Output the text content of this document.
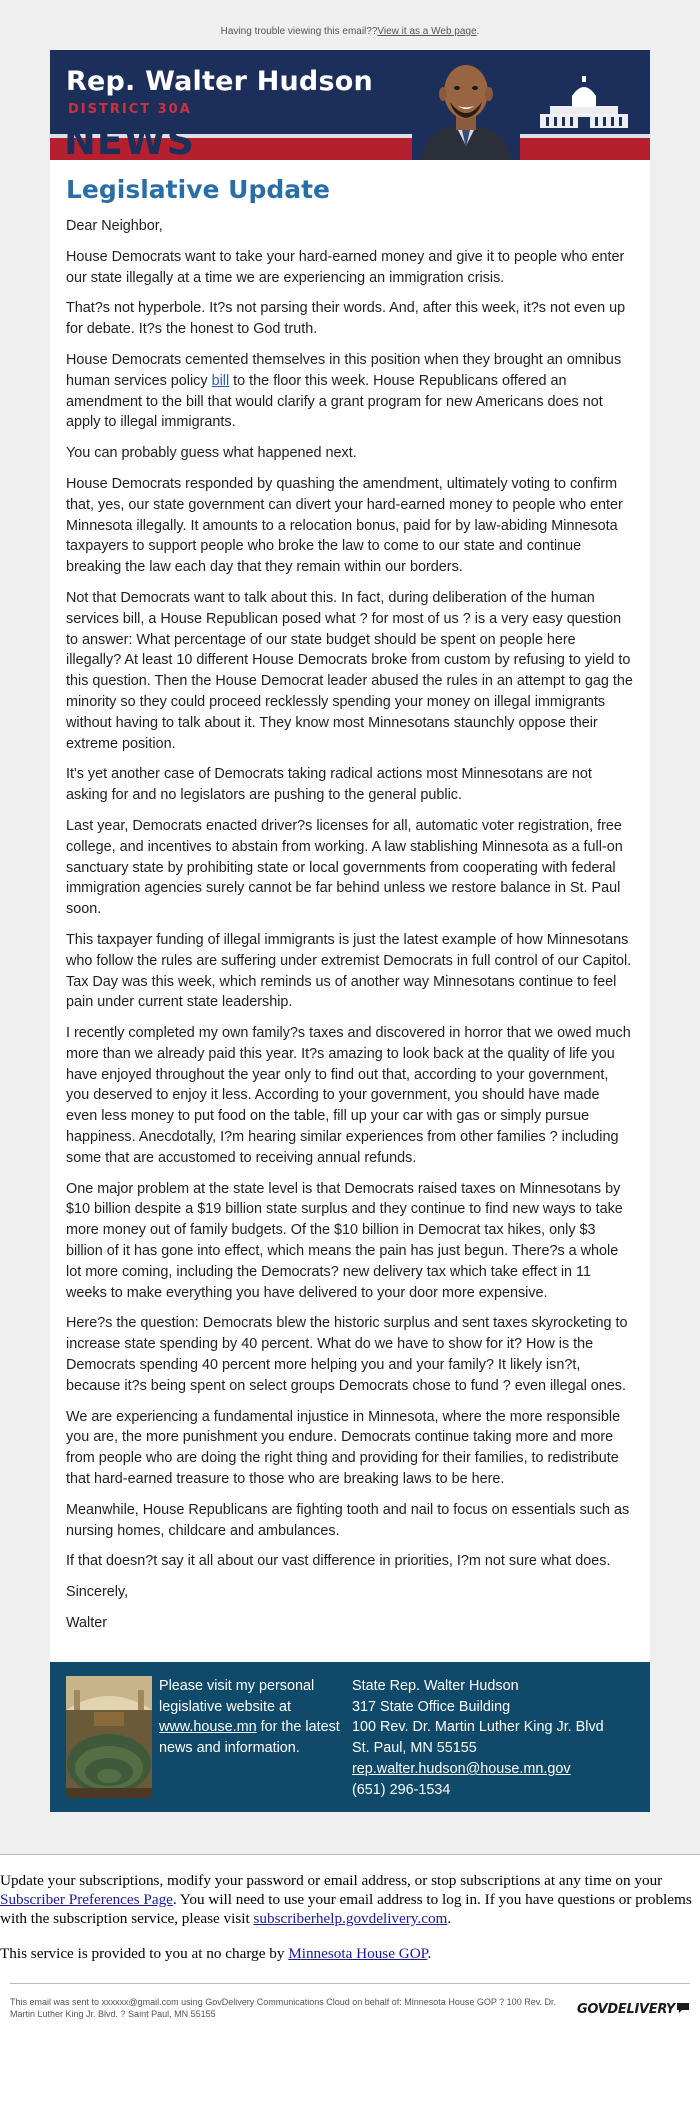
Having trouble viewing this email??View it as a Web page.
Rep. Walter Hudson
DISTRICT 30A
NEWS
Legislative Update

Dear Neighbor,

House Democrats want to take your hard-earned money and give it to people who enter our state illegally at a time we are experiencing an immigration crisis.

That?s not hyperbole. It?s not parsing their words. And, after this week, it?s not even up for debate. It?s the honest to God truth.

House Democrats cemented themselves in this position when they brought an omnibus human services policy bill to the floor this week. House Republicans offered an amendment to the bill that would clarify a grant program for new Americans does not apply to illegal immigrants.

You can probably guess what happened next.

House Democrats responded by quashing the amendment, ultimately voting to confirm that, yes, our state government can divert your hard-earned money to people who enter Minnesota illegally. It amounts to a relocation bonus, paid for by law-abiding Minnesota taxpayers to support people who broke the law to come to our state and continue breaking the law each day that they remain within our borders.

Not that Democrats want to talk about this. In fact, during deliberation of the human services bill, a House Republican posed what ? for most of us ? is a very easy question to answer: What percentage of our state budget should be spent on people here illegally? At least 10 different House Democrats broke from custom by refusing to yield to this question. Then the House Democrat leader abused the rules in an attempt to gag the minority so they could proceed recklessly spending your money on illegal immigrants without having to talk about it. They know most Minnesotans staunchly oppose their extreme position.

It's yet another case of Democrats taking radical actions most Minnesotans are not asking for and no legislators are pushing to the general public.

Last year, Democrats enacted driver?s licenses for all, automatic voter registration, free college, and incentives to abstain from working. A law stablishing Minnesota as a full-on sanctuary state by prohibiting state or local governments from cooperating with federal immigration agencies surely cannot be far behind unless we restore balance in St. Paul soon.

This taxpayer funding of illegal immigrants is just the latest example of how Minnesotans who follow the rules are suffering under extremist Democrats in full control of our Capitol. Tax Day was this week, which reminds us of another way Minnesotans continue to feel pain under current state leadership.

I recently completed my own family?s taxes and discovered in horror that we owed much more than we already paid this year. It?s amazing to look back at the quality of life you have enjoyed throughout the year only to find out that, according to your government, you deserved to enjoy it less. According to your government, you should have made even less money to put food on the table, fill up your car with gas or simply pursue happiness. Anecdotally, I?m hearing similar experiences from other families ? including some that are accustomed to receiving annual refunds.

One major problem at the state level is that Democrats raised taxes on Minnesotans by $10 billion despite a $19 billion state surplus and they continue to find new ways to take more money out of family budgets. Of the $10 billion in Democrat tax hikes, only $3 billion of it has gone into effect, which means the pain has just begun. There?s a whole lot more coming, including the Democrats? new delivery tax which take effect in 11 weeks to make everything you have delivered to your door more expensive.

Here?s the question: Democrats blew the historic surplus and sent taxes skyrocketing to increase state spending by 40 percent. What do we have to show for it? How is the Democrats spending 40 percent more helping you and your family? It likely isn?t, because it?s being spent on select groups Democrats chose to fund ? even illegal ones.

We are experiencing a fundamental injustice in Minnesota, where the more responsible you are, the more punishment you endure. Democrats continue taking more and more from people who are doing the right thing and providing for their families, to redistribute that hard-earned treasure to those who are breaking laws to be here.

Meanwhile, House Republicans are fighting tooth and nail to focus on essentials such as nursing homes, childcare and ambulances.

If that doesn?t say it all about our vast difference in priorities, I?m not sure what does.

Sincerely,

Walter

Please visit my personal legislative website at www.house.mn for the latest news and information.
State Rep. Walter Hudson
317 State Office Building
100 Rev. Dr. Martin Luther King Jr. Blvd
St. Paul, MN 55155
rep.walter.hudson@house.mn.gov
(651) 296-1534

Update your subscriptions, modify your password or email address, or stop subscriptions at any time on your Subscriber Preferences Page. You will need to use your email address to log in. If you have questions or problems with the subscription service, please visit subscriberhelp.govdelivery.com.

This service is provided to you at no charge by Minnesota House GOP.

This email was sent to xxxxxx@gmail.com using GovDelivery Communications Cloud on behalf of: Minnesota House GOP ? 100 Rev. Dr. Martin Luther King Jr. Blvd. ? Saint Paul, MN 55155	GOVDELIVERY
